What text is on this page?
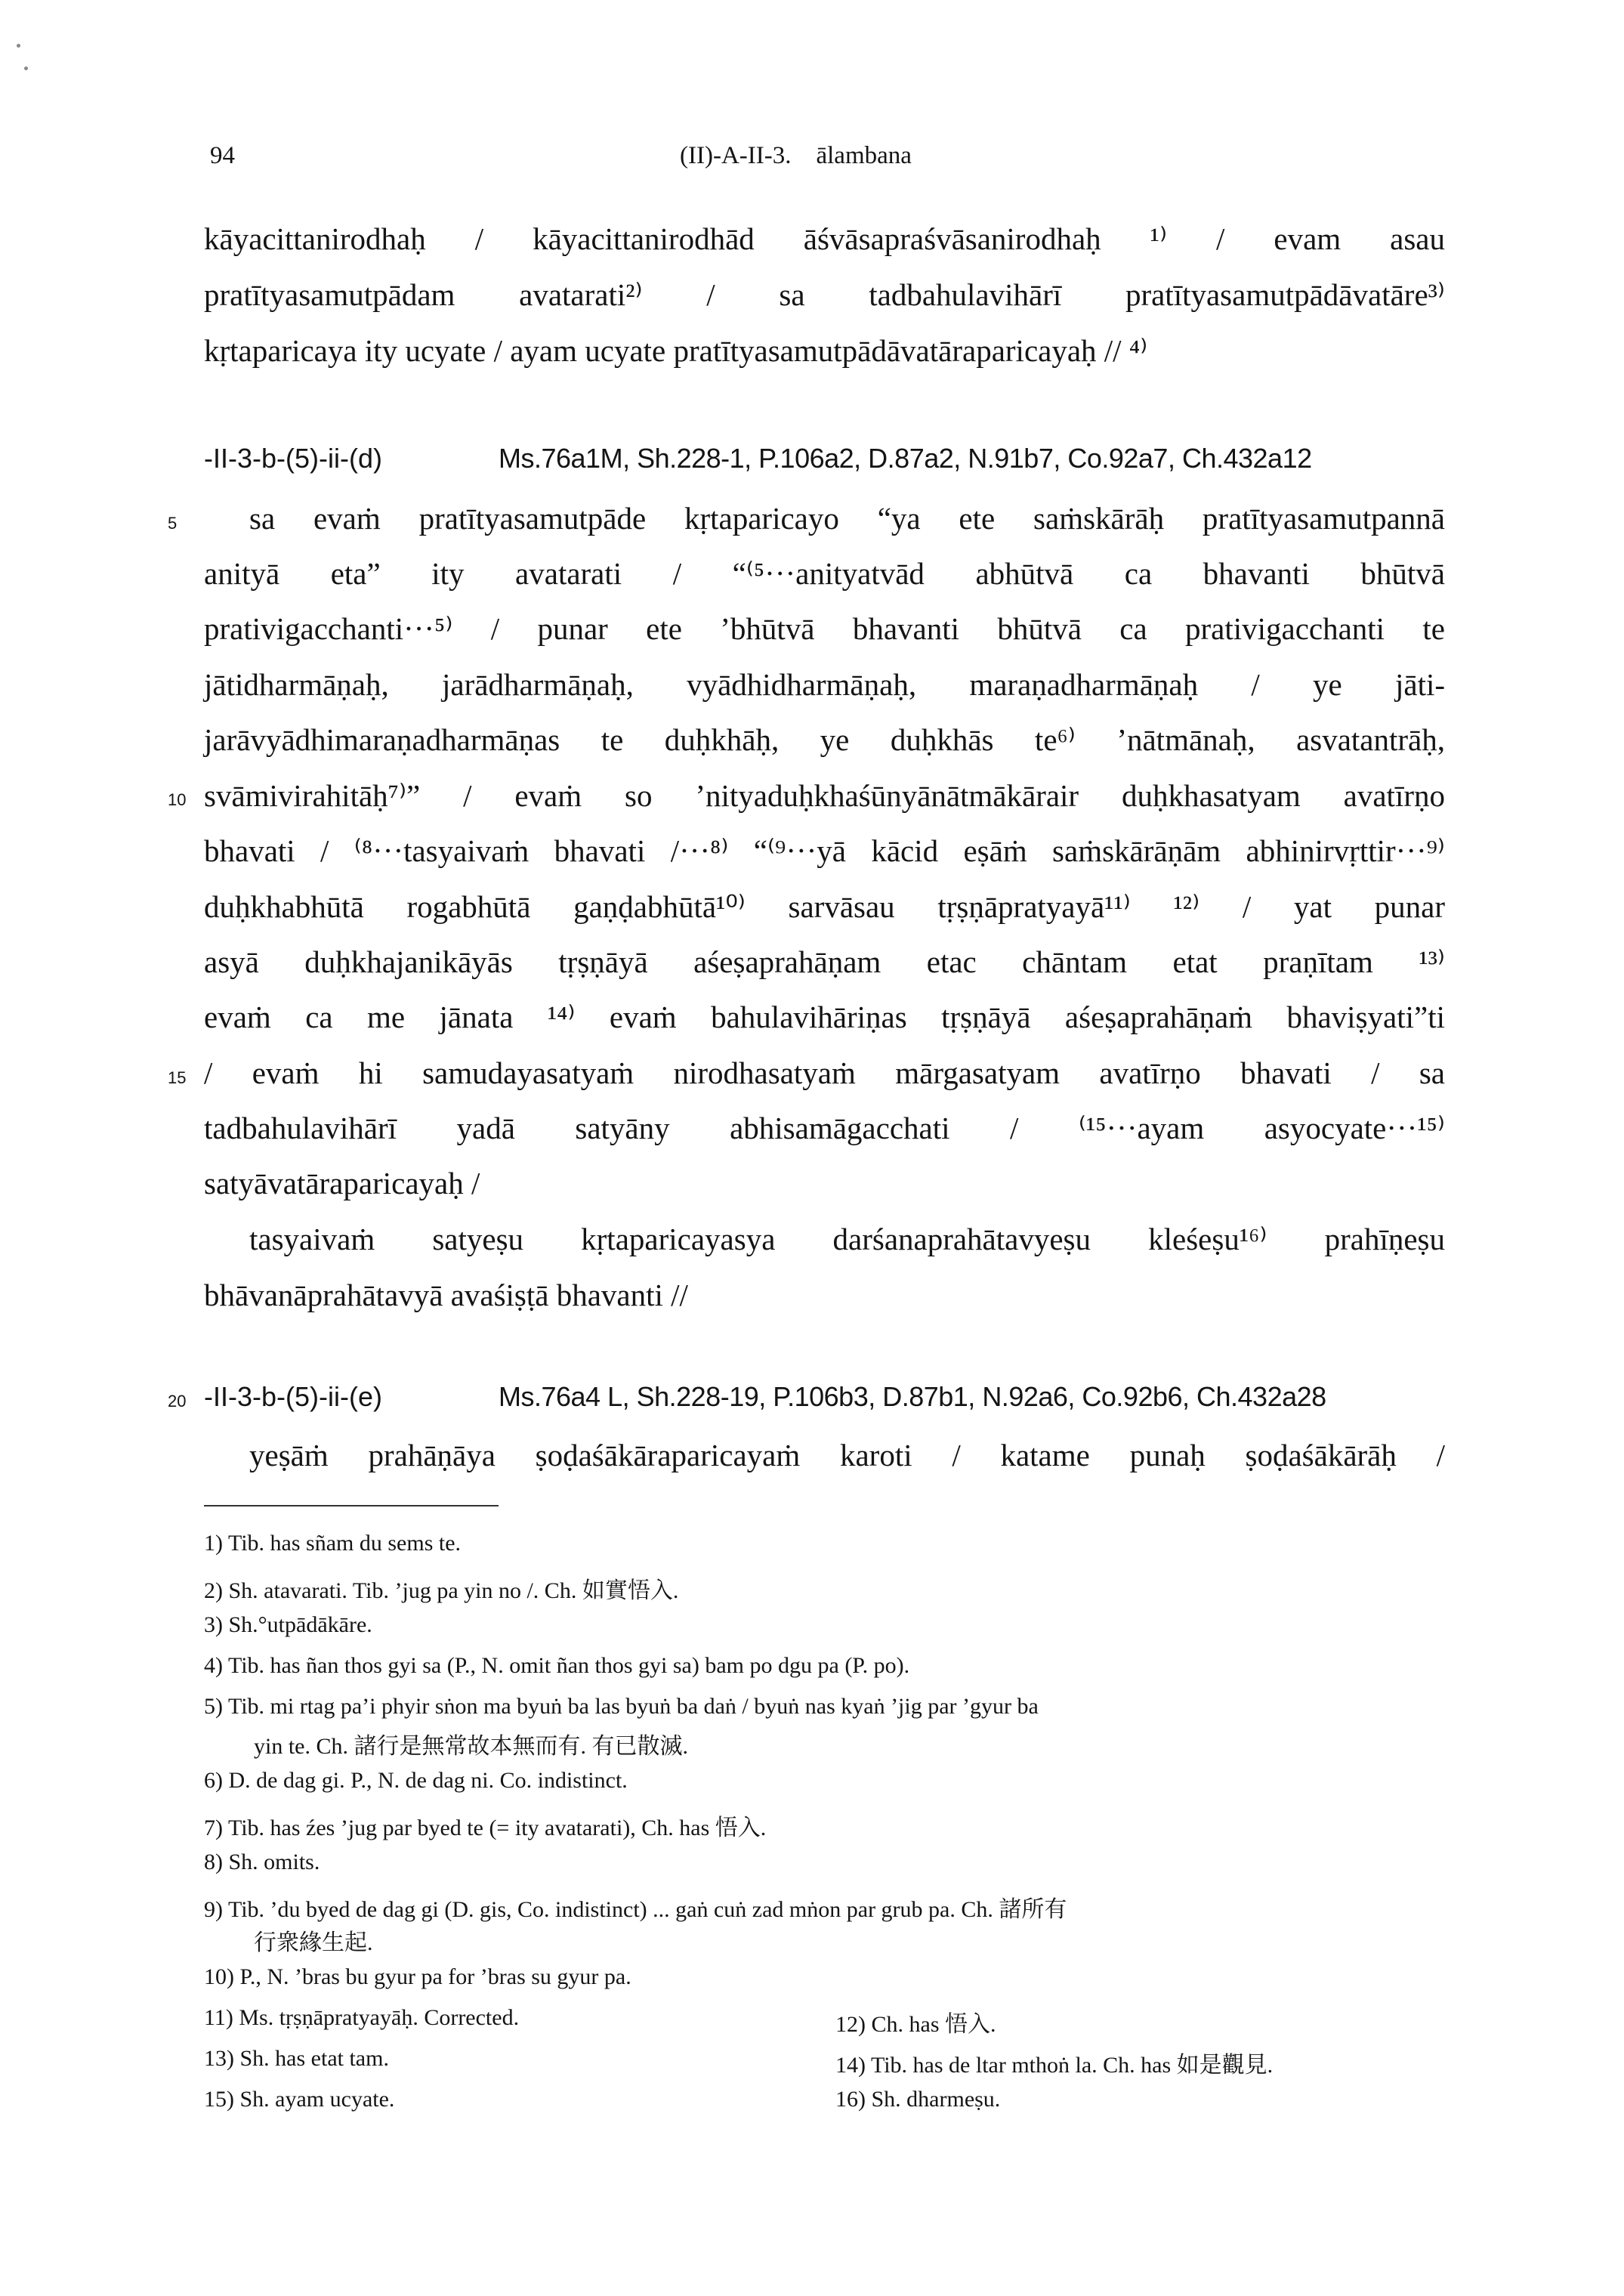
94	(II)-A-II-3.    ālambana
kāyacittanirodhaḥ / kāyacittanirodhād āśvāsapraśvāsanirodhaḥ ¹⁾ / evam asau
pratītyasamutpādam avatarati²⁾ / sa tadbahulavihārī pratītyasamutpādāvatāre³⁾
kṛtaparicaya ity ucyate / ayam ucyate pratītyasamutpādāvatāraparicayaḥ // ⁴⁾
-II-3-b-(5)-ii-(d)	Ms.76a1M, Sh.228-1, P.106a2, D.87a2, N.91b7, Co.92a7, Ch.432a12
5 sa evaṁ pratītyasamutpāde kṛtaparicayo “ya ete saṁskārāḥ pratītyasamutpannā
anityā eta” ity avatarati / “⁽⁵···anityatvād abhūtvā ca bhavanti bhūtvā
prativigacchanti···⁵⁾ / punar ete ’bhūtvā bhavanti bhūtvā ca prativigacchanti te
jātidharmāṇaḥ, jarādharmāṇaḥ, vyādhidharmāṇaḥ, maraṇadharmāṇaḥ / ye jāti-
jarāvyādhimaraṇadharmāṇas te duḥkhāḥ, ye duḥkhās te⁶⁾ ’nātmānaḥ, asvatantrāḥ,
10 svāmivirahitāḥ⁷⁾” / evaṁ so ’nityaduḥkhaśūnyānātmākārair duḥkhasatyam avatīrṇo
bhavati / ⁽⁸···tasyaivaṁ bhavati /···⁸⁾ “⁽⁹···yā kācid eṣāṁ saṁskārāṇām abhinirvṛttir···⁹⁾
duḥkhabhūtā rogabhūtā gaṇḍabhūtā¹⁰⁾ sarvāsau tṛṣṇāpratyayā¹¹⁾ ¹²⁾ / yat punar
asyā duḥkhajanikāyās tṛṣṇāyā aśeṣaprahāṇam etac chāntam etat praṇītam ¹³⁾
evaṁ ca me jānata ¹⁴⁾ evaṁ bahulavihāriṇas tṛṣṇāyā aśeṣaprahāṇaṁ bhaviṣyati”ti
15 / evaṁ hi samudayasatyaṁ nirodhasatyaṁ mārgasatyam avatīrṇo bhavati / sa
tadbahulavihārī yadā satyāny abhisamāgacchati / ⁽¹⁵···ayam asyocyate···¹⁵⁾
satyāvatāraparicayaḥ /
tasyaivaṁ satyeṣu kṛtaparicayasya darśanaprahātavyeṣu kleśeṣu¹⁶⁾ prahīṇeṣu
bhāvanāprahātavyā avaśiṣṭā bhavanti //
20 -II-3-b-(5)-ii-(e)	Ms.76a4 L, Sh.228-19, P.106b3, D.87b1, N.92a6, Co.92b6, Ch.432a28
yeṣāṁ prahāṇāya ṣoḍaśākāraparicayaṁ karoti / katame punaḥ ṣoḍaśākārāḥ /
1) Tib. has sñam du sems te.
2) Sh. atavarati. Tib. ’jug pa yin no /. Ch. 如實悟入.
3) Sh.°utpādākāre.
4) Tib. has ñan thos gyi sa (P., N. omit ñan thos gyi sa) bam po dgu pa (P. po).
5) Tib. mi rtag pa’i phyir sṅon ma byuṅ ba las byuṅ ba daṅ / byuṅ nas kyaṅ ’jig par ’gyur ba
yin te. Ch. 諸行是無常故本無而有. 有已散滅.
6) D. de dag gi. P., N. de dag ni. Co. indistinct.
7) Tib. has źes ’jug par byed te (= ity avatarati), Ch. has 悟入.
8) Sh. omits.
9) Tib. ’du byed de dag gi (D. gis, Co. indistinct) ... gaṅ cuṅ zad mṅon par grub pa. Ch. 諸所有
行衆緣生起.
10) P., N. ’bras bu gyur pa for ’bras su gyur pa.
11) Ms. tṛṣṇāpratyayāḥ. Corrected.	12) Ch. has 悟入.
13) Sh. has etat tam.	14) Tib. has de ltar mthoṅ la. Ch. has 如是觀見.
15) Sh. ayam ucyate.	16) Sh. dharmeṣu.
